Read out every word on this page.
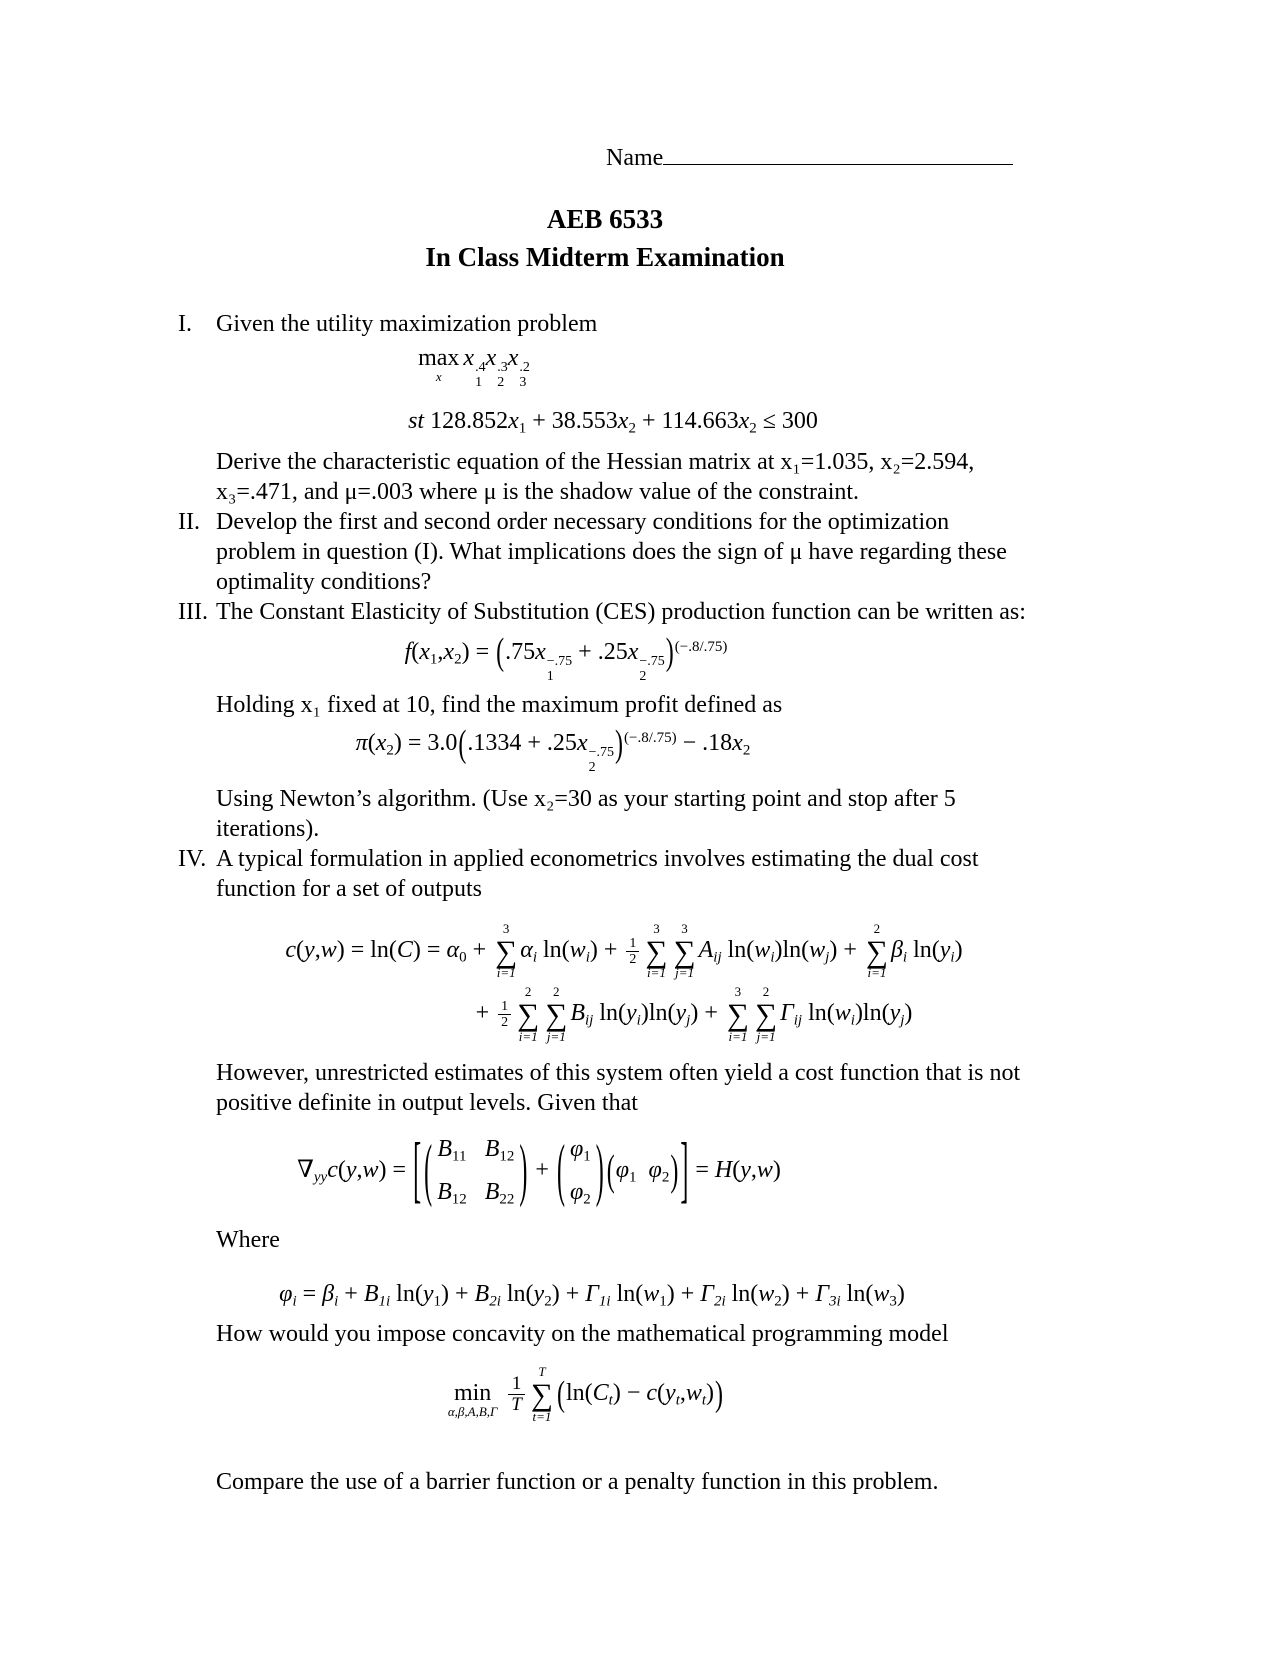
Name
AEB 6533
In Class Midterm Examination
I. Given the utility maximization problem

max
x
x .4
1
x .3
2
x .2
3
st 128.852x1 + 38.553x2 + 114.663x2 ≤ 300

Derive the characteristic equation of the Hessian matrix at x₁=1.035, x₂=2.594, x₃=.471, and μ=.003 where μ is the shadow value of the constraint.

II. Develop the first and second order necessary conditions for the optimization problem in question (I). What implications does the sign of μ have regarding these optimality conditions?

III. The Constant Elasticity of Substitution (CES) production function can be written as:

f(x1,x2) = (.75x −.75
1
+ .25x −.75
2
)$^{(-.8/.75)}$

Holding x₁ fixed at 10, find the maximum profit defined as

π(x2) = 3.0(.1334 + .25x −.75
2
)$^{(-.8/.75)}$ − .18x2

Using Newton’s algorithm. (Use x₂=30 as your starting point and stop after 5 iterations).

IV. A typical formulation in applied econometrics involves estimating the dual cost function for a set of outputs

c(y,w) = ln(C) = α0 +
3
∑
i=1
αi $\ln(wi) + \frac{1}{2}$
3
∑
i=1
3
∑
j=1
Aij ln(wi)ln(wj) +
2
∑
i=1
βi ln(yi)
+ $\frac{1}{2}$
2
∑
i=1
2
∑
j=1
Bij ln(yi)ln(yj) +
3
∑
i=1
2
∑
j=1
Γij ln(wi)ln(yj)

However, unrestricted estimates of this system often yield a cost function that is not positive definite in output levels. Given that

∇yyc(y,w) = [ ( B11 B12
B12 B22 ) + ( φ1
φ2 ) (φ1 φ2)] = H(y,w)

Where

φi = βi + B1i ln(y1) + B2i ln(y2) + Γ1i ln(w1) + Γ2i ln(w2) + Γ3i ln(w3)

How would you impose concavity on the mathematical programming model

min
$\alpha,\beta,A,B,\Gamma \frac{1}{T}$
T
∑
t=1
(ln(Ct) − c(yt,wt))

Compare the use of a barrier function or a penalty function in this problem.
